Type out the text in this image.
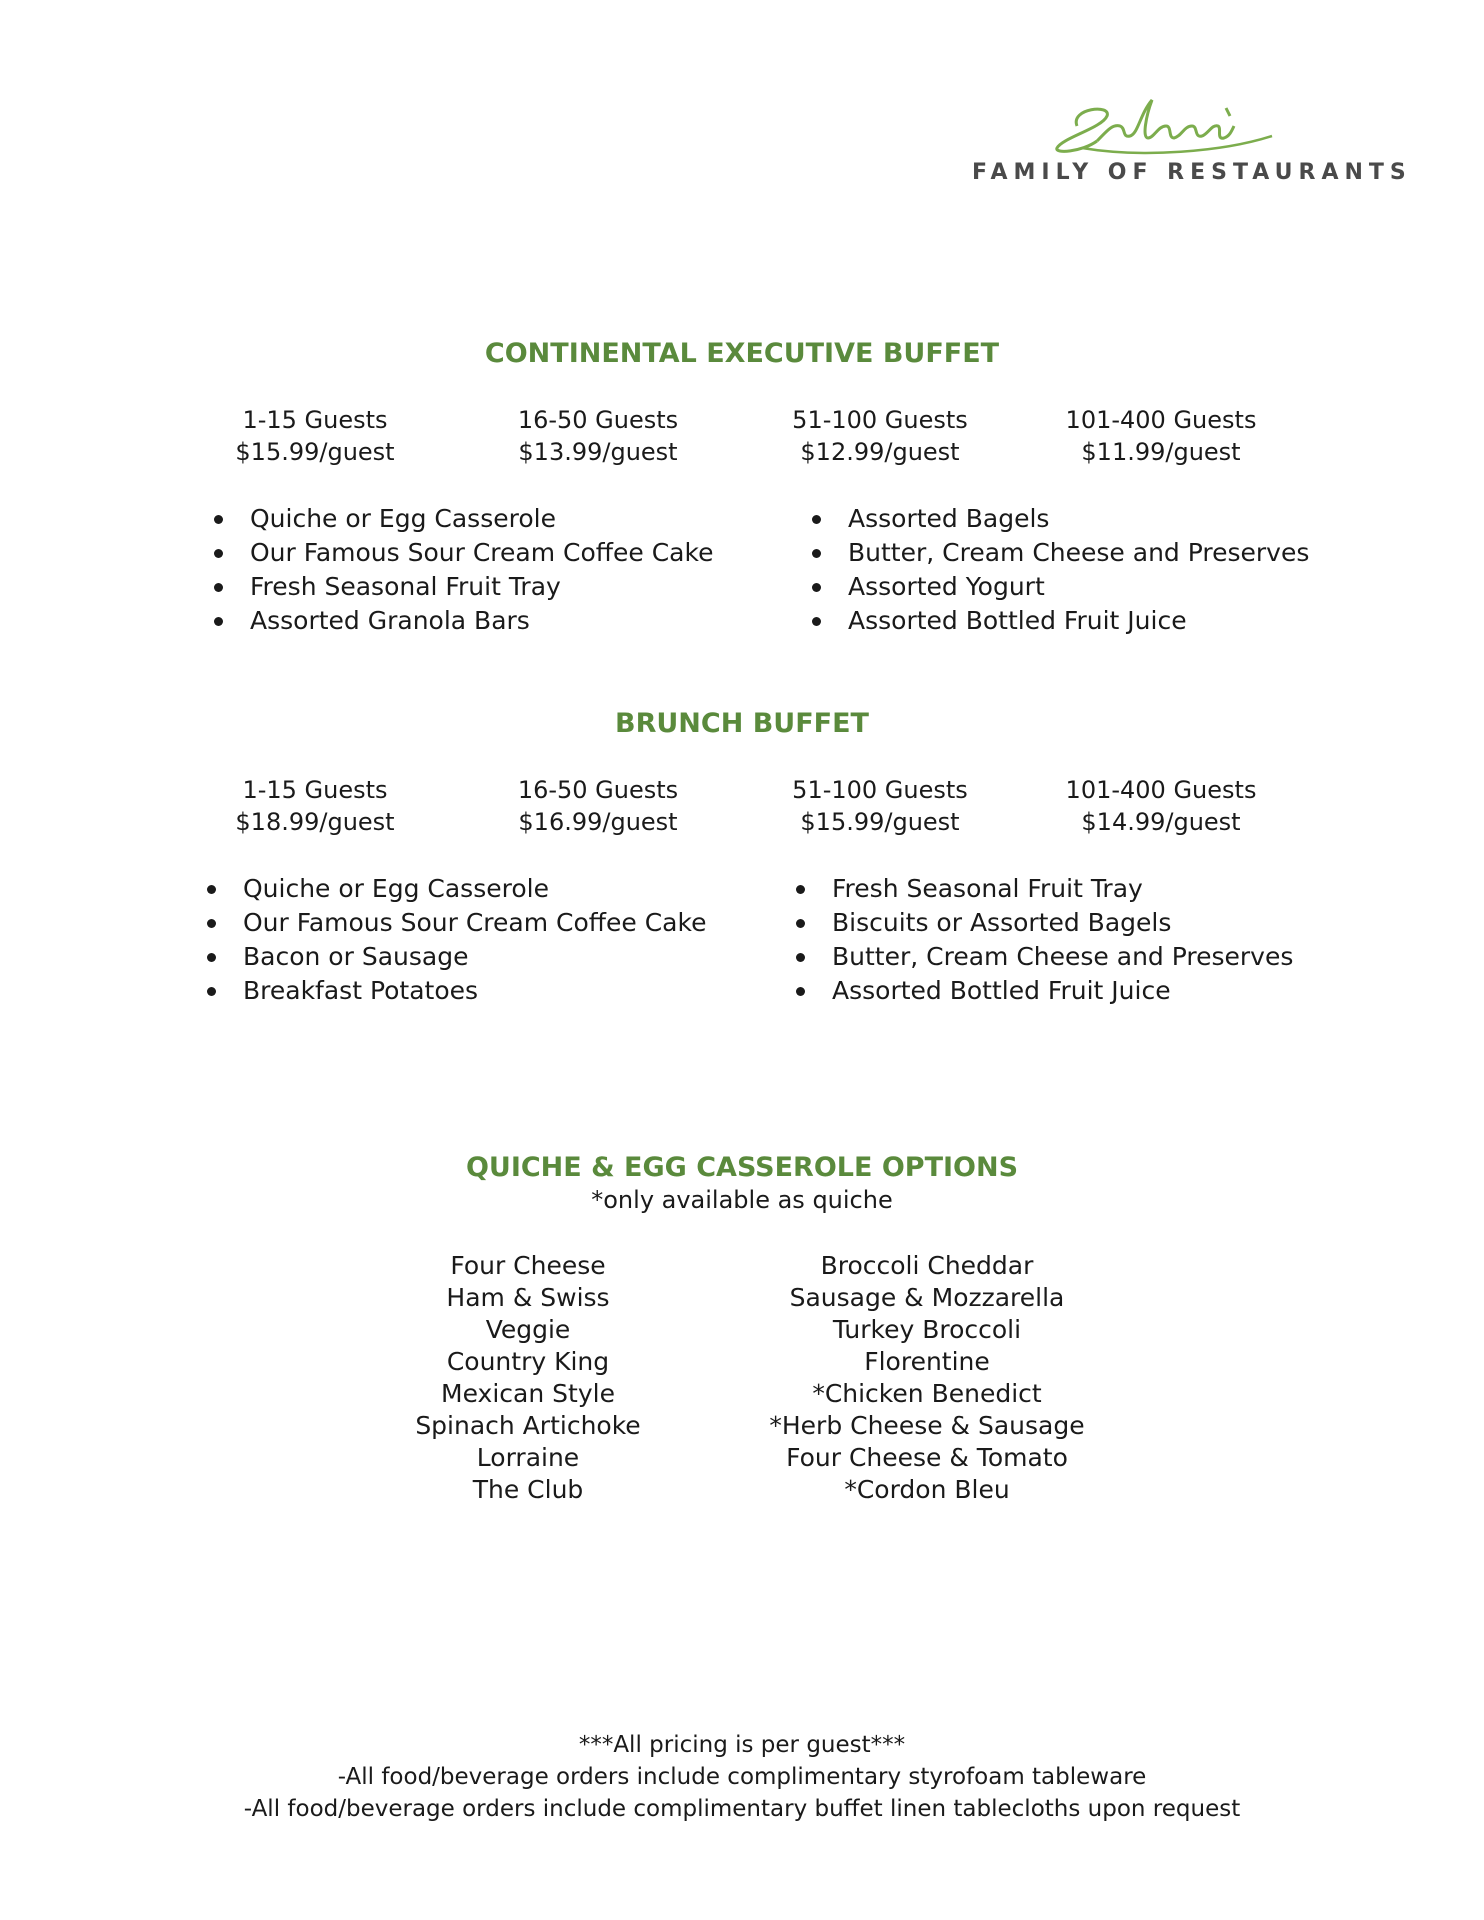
FAMILY OF RESTAURANTS
CONTINENTAL EXECUTIVE BUFFET
1-15 Guests
$15.99/guest
16-50 Guests
$13.99/guest
51-100 Guests
$12.99/guest
101-400 Guests
$11.99/guest
Quiche or Egg Casserole
Our Famous Sour Cream Coffee Cake
Fresh Seasonal Fruit Tray
Assorted Granola Bars
Assorted Bagels
Butter, Cream Cheese and Preserves
Assorted Yogurt
Assorted Bottled Fruit Juice
BRUNCH BUFFET
1-15 Guests
$18.99/guest
16-50 Guests
$16.99/guest
51-100 Guests
$15.99/guest
101-400 Guests
$14.99/guest
Quiche or Egg Casserole
Our Famous Sour Cream Coffee Cake
Bacon or Sausage
Breakfast Potatoes
Fresh Seasonal Fruit Tray
Biscuits or Assorted Bagels
Butter, Cream Cheese and Preserves
Assorted Bottled Fruit Juice
QUICHE & EGG CASSEROLE OPTIONS
*only available as quiche
Four Cheese
Ham & Swiss
Veggie
Country King
Mexican Style
Spinach Artichoke
Lorraine
The Club
Broccoli Cheddar
Sausage & Mozzarella
Turkey Broccoli
Florentine
*Chicken Benedict
*Herb Cheese & Sausage
Four Cheese & Tomato
*Cordon Bleu
***All pricing is per guest***
-All food/beverage orders include complimentary styrofoam tableware
-All food/beverage orders include complimentary buffet linen tablecloths upon request
